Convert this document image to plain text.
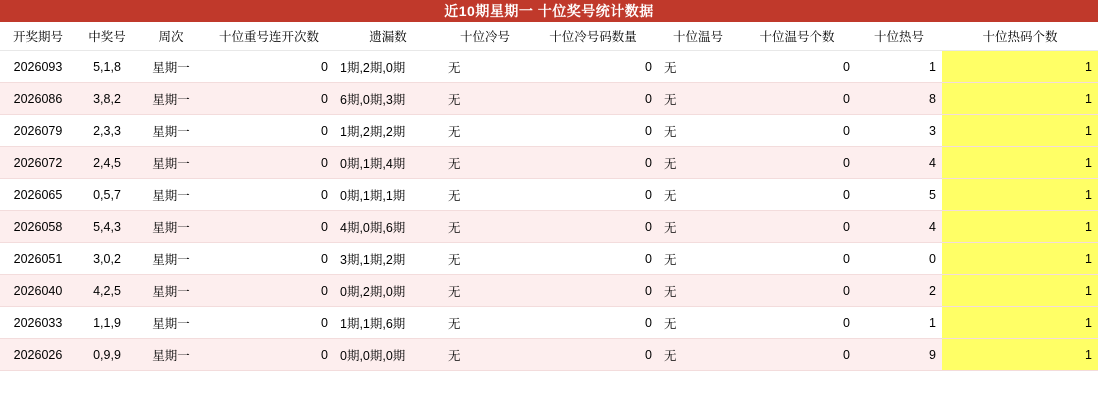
近10期星期一 十位奖号统计数据
开奖期号	中奖号	周次	十位重号连开次数	遗漏数	十位冷号	十位冷号码数量	十位温号	十位温号个数	十位热号	十位热码个数
2026093	5,1,8	星期一	0	1期,2期,0期	无	0	无	0	1	1
2026086	3,8,2	星期一	0	6期,0期,3期	无	0	无	0	8	1
2026079	2,3,3	星期一	0	1期,2期,2期	无	0	无	0	3	1
2026072	2,4,5	星期一	0	0期,1期,4期	无	0	无	0	4	1
2026065	0,5,7	星期一	0	0期,1期,1期	无	0	无	0	5	1
2026058	5,4,3	星期一	0	4期,0期,6期	无	0	无	0	4	1
2026051	3,0,2	星期一	0	3期,1期,2期	无	0	无	0	0	1
2026040	4,2,5	星期一	0	0期,2期,0期	无	0	无	0	2	1
2026033	1,1,9	星期一	0	1期,1期,6期	无	0	无	0	1	1
2026026	0,9,9	星期一	0	0期,0期,0期	无	0	无	0	9	1
